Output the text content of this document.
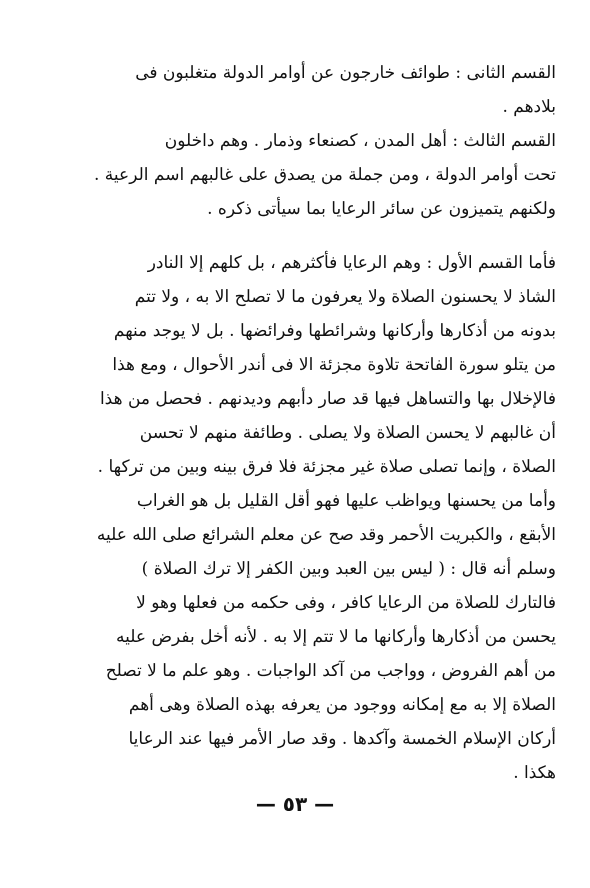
القسم الثانى : طوائف خارجون عن أوامر الدولة متغلبون فى
بلادهم .
القسم الثالث : أهل المدن ، كصنعاء وذمار . وهم داخلون
تحت أوامر الدولة ، ومن جملة من يصدق على غالبهم اسم الرعية .
ولكنهم يتميزون عن سائر الرعايا بما سيأتى ذكره .
فأما القسم الأول : وهم الرعايا فأكثرهم ، بل كلهم إلا النادر
الشاذ لا يحسنون الصلاة ولا يعرفون ما لا تصلح الا به ، ولا تتم
بدونه من أذكارها وأركانها وشرائطها وفرائضها . بل لا يوجد منهم
من يتلو سورة الفاتحة تلاوة مجزئة الا فى أندر الأحوال ، ومع هذا
فالإخلال بها والتساهل فيها قد صار دأبهم وديدنهم . فحصل من هذا
أن غالبهم لا يحسن الصلاة ولا يصلى . وطائفة منهم لا تحسن
الصلاة ، وإنما تصلى صلاة غير مجزئة فلا فرق بينه وبين من تركها .
وأما من يحسنها ويواظب عليها فهو أقل القليل بل هو الغراب
الأبقع ، والكبريت الأحمر وقد صح عن معلم الشرائع صلى الله عليه
وسلم أنه قال : ( ليس بين العبد وبين الكفر إلا ترك الصلاة )
فالتارك للصلاة من الرعايا كافر ، وفى حكمه من فعلها وهو لا
يحسن من أذكارها وأركانها ما لا تتم إلا به . لأنه أخل بفرض عليه
من أهم الفروض ، وواجب من آكد الواجبات . وهو علم ما لا تصلح
الصلاة إلا به مع إمكانه ووجود من يعرفه بهذه الصلاة وهى أهم
أركان الإسلام الخمسة وآكدها . وقد صار الأمر فيها عند الرعايا
هكذا .
— ٥٣ —
